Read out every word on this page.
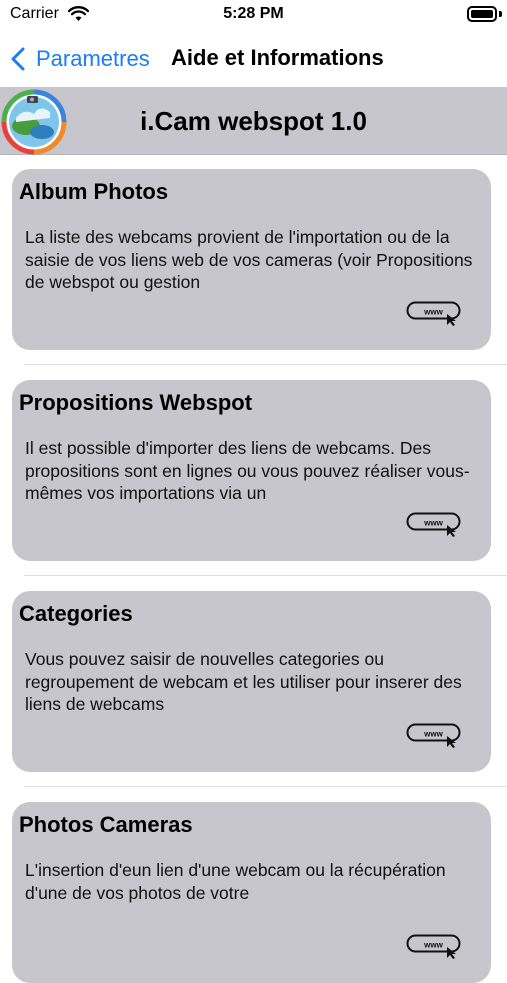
Carrier	5:28 PM
Parametres Aide et Informations
i.Cam webspot 1.0
Album Photos
La liste des webcams provient de l'importation ou de la saisie de vos liens web de vos cameras (voir Propositions de webspot ou gestion
www
Propositions Webspot
Il est possible d'importer des liens de webcams. Des propositions sont en lignes ou vous pouvez réaliser vous-mêmes vos importations via un
www
Categories
Vous pouvez saisir de nouvelles categories ou regroupement de webcam et les utiliser pour inserer des liens de webcams
www
Photos Cameras
L'insertion d'eun lien d'une webcam ou la récupération d'une de vos photos de votre
www
